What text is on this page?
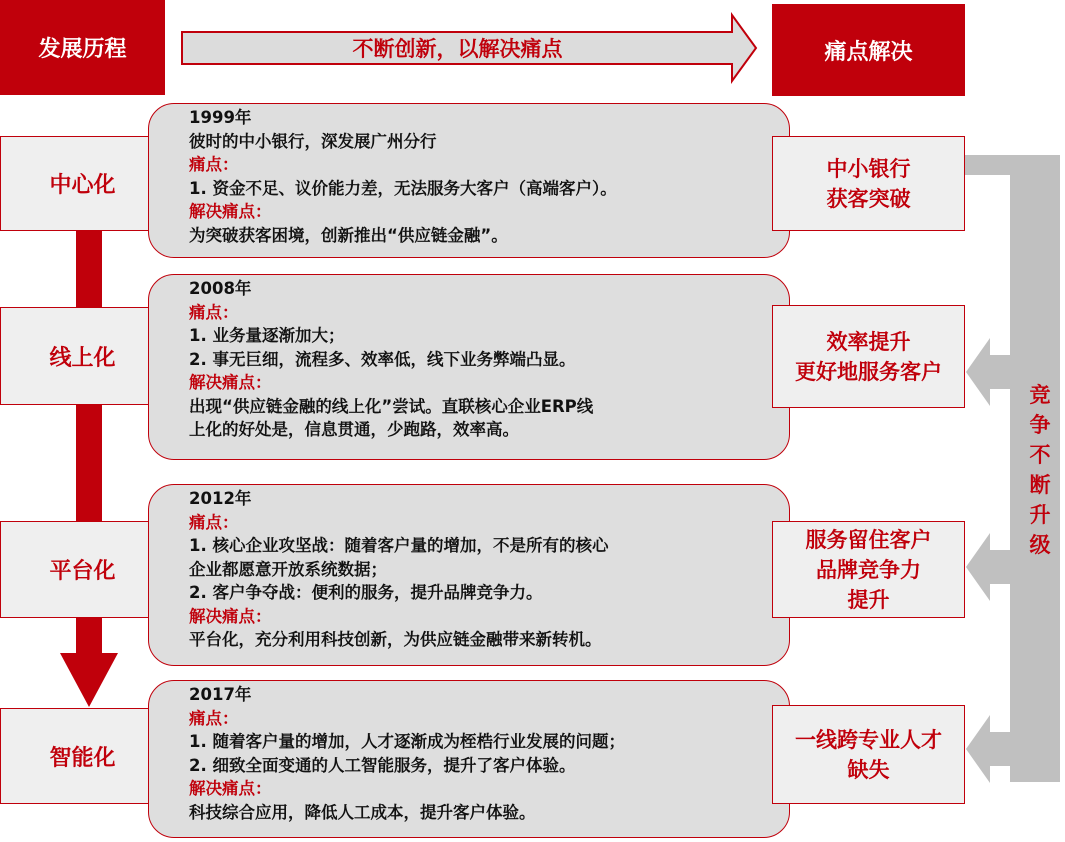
发展历程	不断创新，以解决痛点	痛点解决
竞
争
不
断
升
级
中心化
1999年
彼时的中小银行，深发展广州分行
痛点：
1. 资金不足、议价能力差，无法服务大客户（高端客户）。
解决痛点：
为突破获客困境，创新推出“供应链金融”。
中小银行
获客突破
线上化
2008年
痛点：
1. 业务量逐渐加大；
2. 事无巨细，流程多、效率低，线下业务弊端凸显。
解决痛点：
出现“供应链金融的线上化”尝试。直联核心企业ERP线
上化的好处是，信息贯通，少跑路，效率高。
效率提升
更好地服务客户
平台化
2012年
痛点：
1. 核心企业攻坚战：随着客户量的增加，不是所有的核心
企业都愿意开放系统数据；
2. 客户争夺战：便利的服务，提升品牌竞争力。
解决痛点：
平台化，充分利用科技创新，为供应链金融带来新转机。
服务留住客户
品牌竞争力
提升
智能化
2017年
痛点：
1. 随着客户量的增加，人才逐渐成为桎梏行业发展的问题；
2. 细致全面变通的人工智能服务，提升了客户体验。
解决痛点：
科技综合应用，降低人工成本，提升客户体验。
一线跨专业人才
缺失
